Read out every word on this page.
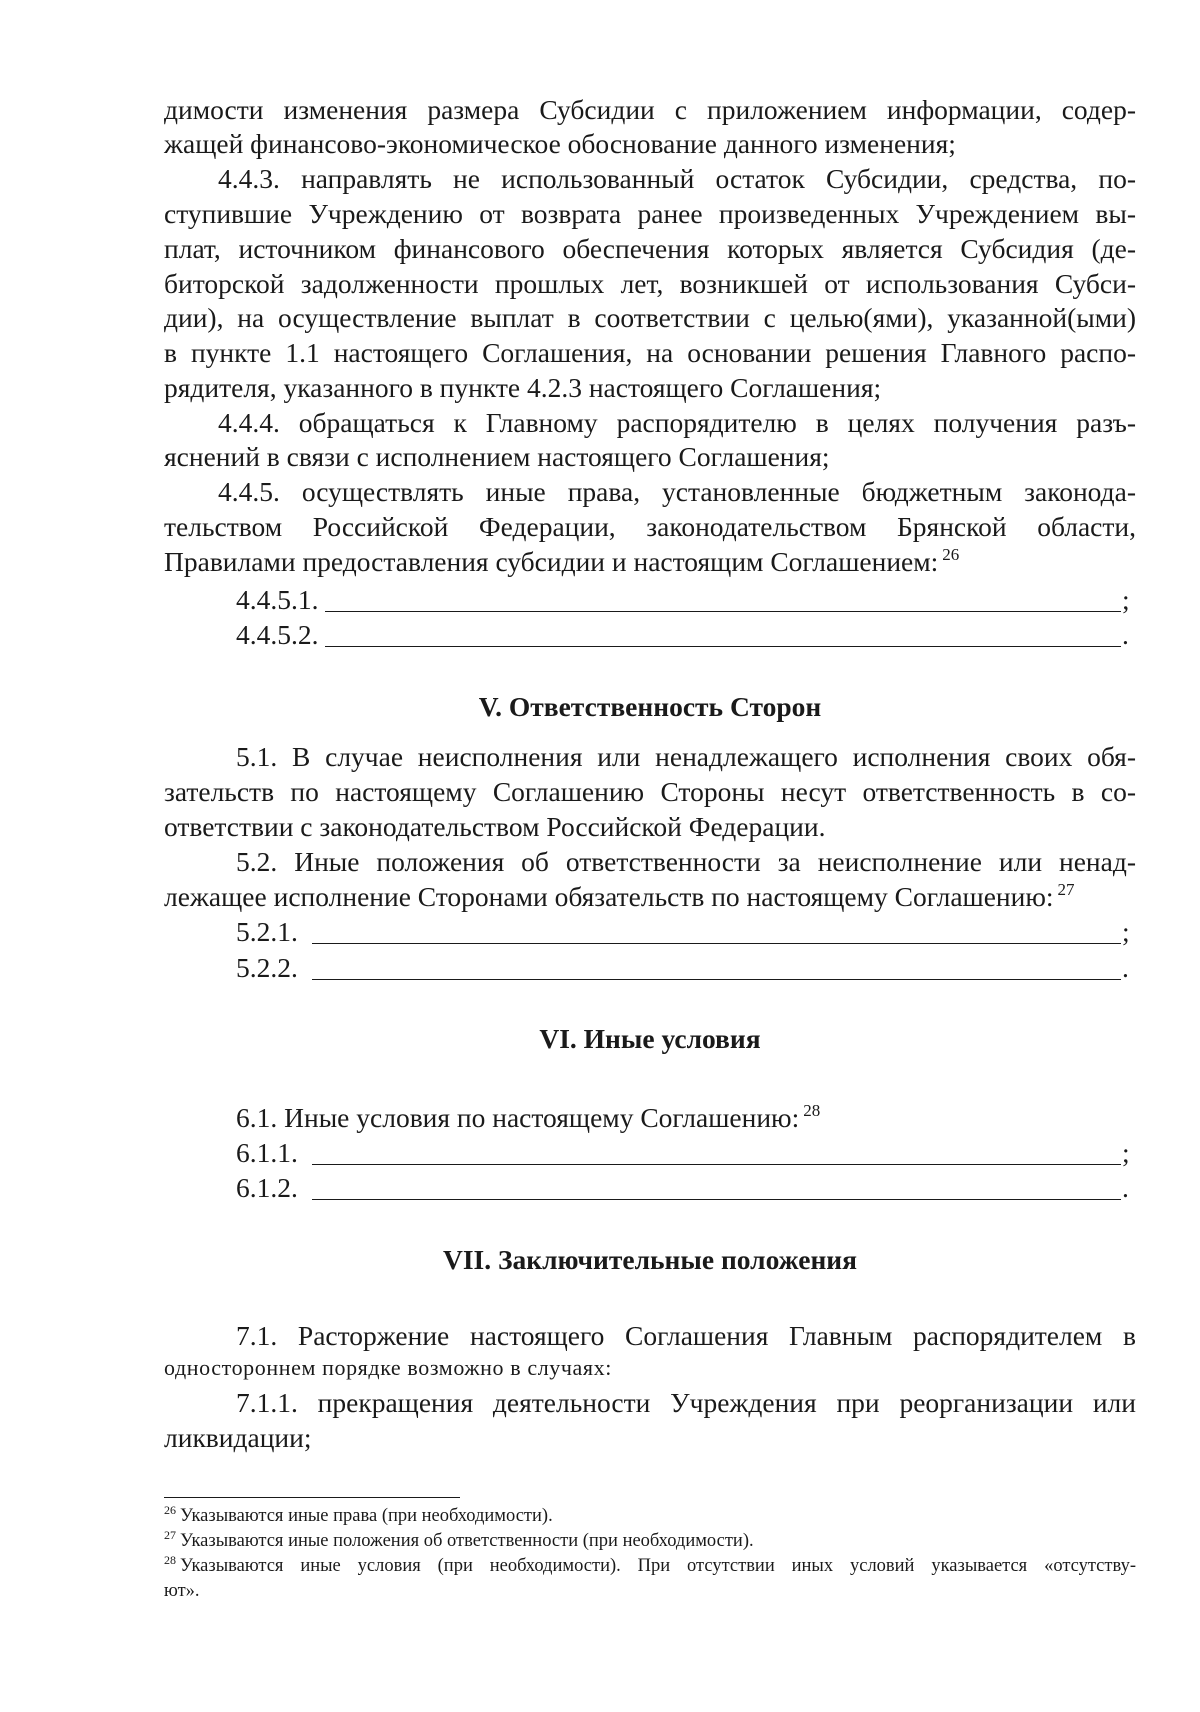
димости изменения размера Субсидии с приложением информации, содер-
жащей финансово-экономическое обоснование данного изменения;
4.4.3. направлять не использованный остаток Субсидии, средства, по-
ступившие Учреждению от возврата ранее произведенных Учреждением вы-
плат, источником финансового обеспечения которых является Субсидия (де-
биторской задолженности прошлых лет, возникшей от использования Субси-
дии), на осуществление выплат в соответствии с целью(ями), указанной(ыми)
в пункте 1.1 настоящего Соглашения, на основании решения Главного распо-
рядителя, указанного в пункте 4.2.3 настоящего Соглашения;
4.4.4. обращаться к Главному распорядителю в целях получения разъ-
яснений в связи с исполнением настоящего Соглашения;
4.4.5. осуществлять иные права, установленные бюджетным законода-
тельством Российской Федерации, законодательством Брянской области,
Правилами предоставления субсидии и настоящим Соглашением: $^{26}$
4.4.5.1.	;
4.4.5.2.	.
V. Ответственность Сторон
5.1. В случае неисполнения или ненадлежащего исполнения своих обя-
зательств по настоящему Соглашению Стороны несут ответственность в со-
ответствии с законодательством Российской Федерации.
5.2. Иные положения об ответственности за неисполнение или ненад-
лежащее исполнение Сторонами обязательств по настоящему Соглашению: $^{27}$
5.2.1.	;
5.2.2.	.
VI. Иные условия
6.1. Иные условия по настоящему Соглашению: $^{28}$
6.1.1.	;
6.1.2.	.
VII. Заключительные положения
7.1. Расторжение настоящего Соглашения Главным распорядителем в
одностороннем порядке возможно в случаях:
7.1.1. прекращения деятельности Учреждения при реорганизации или
ликвидации;
$^{26}$ Указываются иные права (при необходимости).
$^{27}$ Указываются иные положения об ответственности (при необходимости).
$^{28}$ Указываются иные условия (при необходимости). При отсутствии иных условий указывается «отсутству-
ют».
